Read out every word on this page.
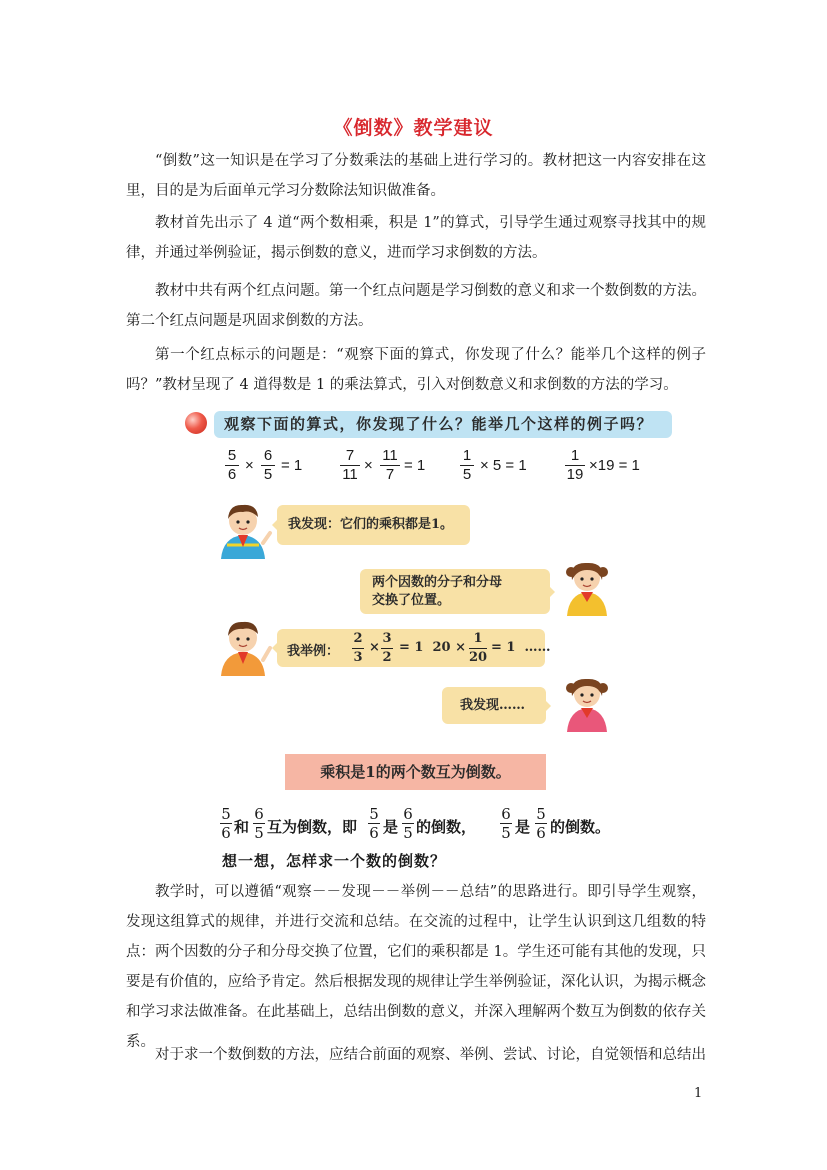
《倒数》教学建议
“倒数”这一知识是在学习了分数乘法的基础上进行学习的。教材把这一内容安排在这里，目的是为后面单元学习分数除法知识做准备。
教材首先出示了 4 道“两个数相乘，积是 1”的算式，引导学生通过观察寻找其中的规律，并通过举例验证，揭示倒数的意义，进而学习求倒数的方法。
教材中共有两个红点问题。第一个红点问题是学习倒数的意义和求一个数倒数的方法。第二个红点问题是巩固求倒数的方法。
第一个红点标示的问题是：“观察下面的算式，你发现了什么？能举几个这样的例子吗？”教材呈现了 4 道得数是 1 的乘法算式，引入对倒数意义和求倒数的方法的学习。
观察下面的算式，你发现了什么？能举几个这样的例子吗？
5
6
×
6
5
= 1
7
11
×
11
7
= 1
1
5
× 5 = 1
1
19
×19 = 1
我发现：它们的乘积都是1。
两个因数的分子和分母
交换了位置。
我举例：
2
3
×
3
2
= 1  20 ×
1
20
= 1  ……
我发现……
乘积是1的两个数互为倒数。
5
6 和
6
5 互为倒数，即
5
6 是
6
5 的倒数，
6
5 是
5
6 的倒数。
想一想，怎样求一个数的倒数？
教学时，可以遵循“观察－－发现－－举例－－总结”的思路进行。即引导学生观察，发现这组算式的规律，并进行交流和总结。在交流的过程中，让学生认识到这几组数的特点：两个因数的分子和分母交换了位置，它们的乘积都是 1。学生还可能有其他的发现，只要是有价值的，应给予肯定。然后根据发现的规律让学生举例验证，深化认识，为揭示概念和学习求法做准备。在此基础上，总结出倒数的意义，并深入理解两个数互为倒数的依存关系。
对于求一个数倒数的方法，应结合前面的观察、举例、尝试、讨论，自觉领悟和总结出
1
